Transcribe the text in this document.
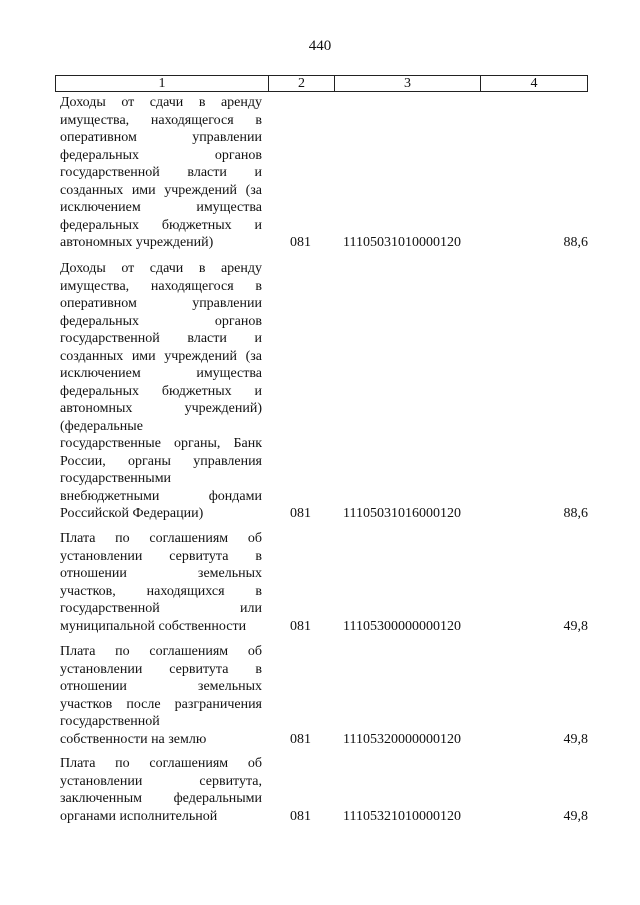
440
1	2	3	4
Доходы от сдачи в аренду
имущества, находящегося в
оперативном управлении
федеральных органов
государственной власти и
созданных ими учреждений (за
исключением имущества
федеральных бюджетных и
автономных учреждений)	081 11105031010000120	88,6
Доходы от сдачи в аренду
имущества, находящегося в
оперативном управлении
федеральных органов
государственной власти и
созданных ими учреждений (за
исключением имущества
федеральных бюджетных и
автономных учреждений)
(федеральные
государственные органы, Банк
России, органы управления
государственными
внебюджетными фондами
Российской Федерации)	081 11105031016000120	88,6
Плата по соглашениям об
установлении сервитута в
отношении земельных
участков, находящихся в
государственной или
муниципальной собственности	081 11105300000000120	49,8
Плата по соглашениям об
установлении сервитута в
отношении земельных
участков после разграничения
государственной
собственности на землю	081 11105320000000120	49,8
Плата по соглашениям об
установлении сервитута,
заключенным федеральными
органами исполнительной	081 11105321010000120	49,8
